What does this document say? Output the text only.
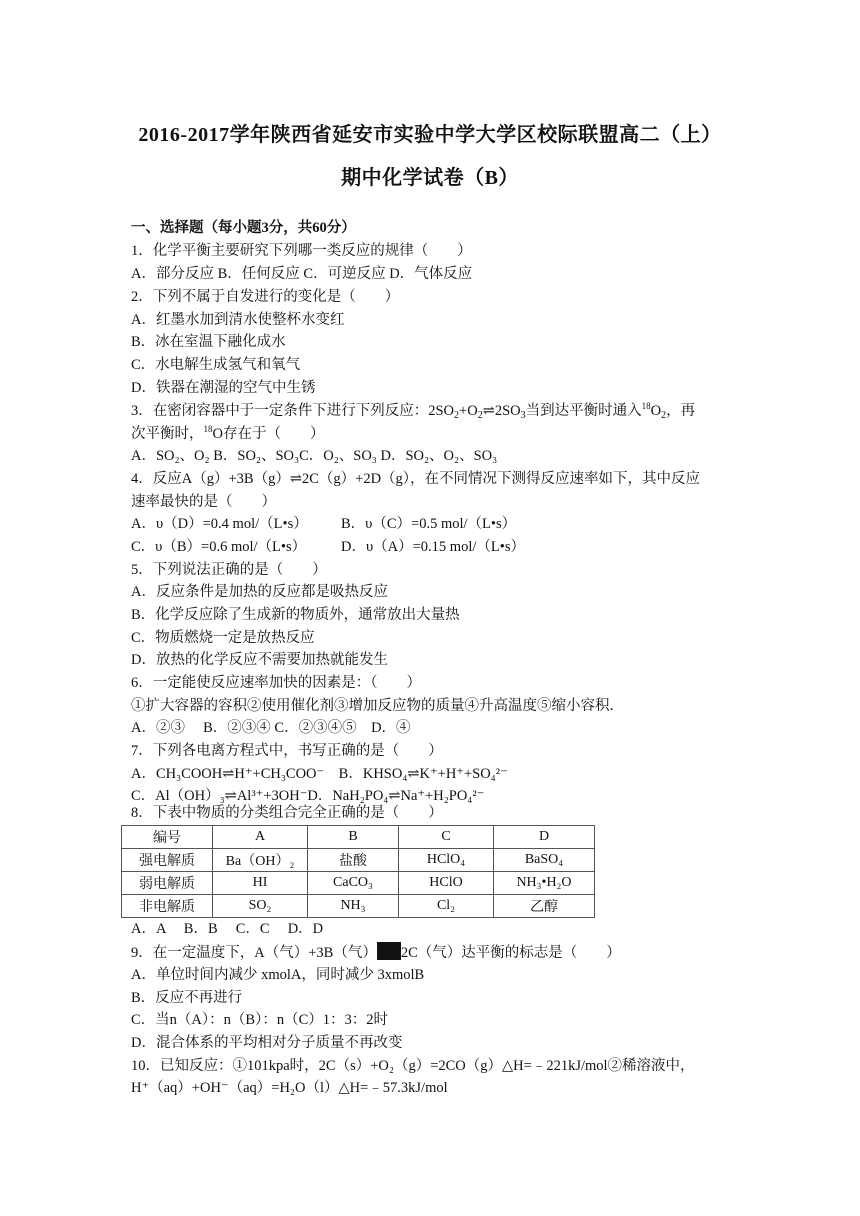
2016-2017学年陕西省延安市实验中学大学区校际联盟高二（上）
期中化学试卷（B）
一、选择题（每小题3分，共60分）
1．化学平衡主要研究下列哪一类反应的规律（　　）
A．部分反应 B．任何反应 C．可逆反应 D．气体反应
2．下列不属于自发进行的变化是（　　）
A．红墨水加到清水使整杯水变红
B．冰在室温下融化成水
C．水电解生成氢气和氧气
D．铁器在潮湿的空气中生锈
3．在密闭容器中于一定条件下进行下列反应：$2SO_2+O_2\rightleftharpoons 2SO_3$当到达平衡时通入$^{18}O_2$，再
次平衡时，$^{18}$O存在于（　　）
A．SO₂、O₂ B．SO₂、SO₃C．O₂、SO₃ D．SO₂、O₂、SO₃
4．反应A（g）+3B（g）⇌2C（g）+2D（g），在不同情况下测得反应速率如下，其中反应
速率最快的是（　　）
A．υ（D）=0.4 mol/（L•s） B．υ（C）=0.5 mol/（L•s）
C．υ（B）=0.6 mol/（L•s） D．υ（A）=0.15 mol/（L•s）
5．下列说法正确的是（　　）
A．反应条件是加热的反应都是吸热反应
B．化学反应除了生成新的物质外，通常放出大量热
C．物质燃烧一定是放热反应
D．放热的化学反应不需要加热就能发生
6．一定能使反应速率加快的因素是：（　　）
①扩大容器的容积②使用催化剂③增加反应物的质量④升高温度⑤缩小容积．
A．②③　 B．②③④ C．②③④⑤　D．④
7．下列各电离方程式中，书写正确的是（　　）
A．CH₃COOH⇌H⁺+CH₃COO⁻　B．KHSO₄⇌K⁺+H⁺+SO₄²⁻
C．Al（OH）₃⇌Al³⁺+3OH⁻D．NaH₂PO₄⇌Na⁺+H₂PO₄²⁻
8．下表中物质的分类组合完全正确的是（　　）
编号	A	B	C	D
强电解质	Ba（OH）₂	盐酸	HClO₄	BaSO₄
弱电解质	HI	CaCO₃	HClO	NH₃•H₂O
非电解质	SO₂	NH₃	Cl₂	乙醇
A．A　 B．B　 C．C　 D．D
9．在一定温度下，A（气）+3B（气） 2C（气）达平衡的标志是（　　）
A．单位时间内减少 xmolA，同时减少 3xmolB
B．反应不再进行
C．当n（A）：n（B）：n（C）1：3：2时
D．混合体系的平均相对分子质量不再改变
10．已知反应：①101kpa时，2C（s）+O₂（g）=2CO（g）△H=﹣221kJ/mol②稀溶液中，
H⁺（aq）+OH⁻（aq）=H₂O（l）△H=﹣57.3kJ/mol
